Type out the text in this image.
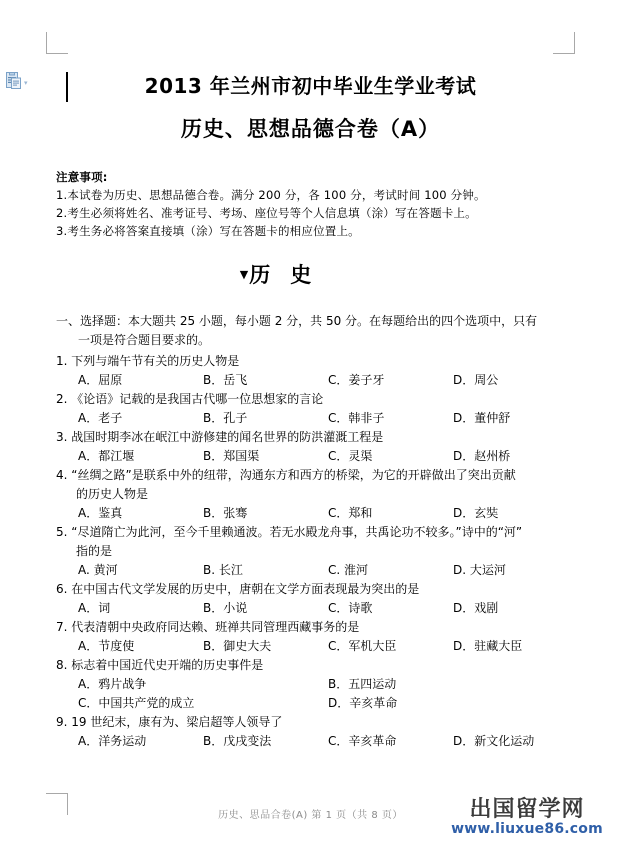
▾	2013 年兰州市初中毕业生学业考试
历史、思想品德合卷（A）
注意事项:
1.本试卷为历史、思想品德合卷。满分 200 分，各 100 分，考试时间 100 分钟。
2.考生必须将姓名、准考证号、考场、座位号等个人信息填（涂）写在答题卡上。
3.考生务必将答案直接填（涂）写在答题卡的相应位置上。
▼历 史
一、选择题：本大题共 25 小题，每小题 2 分，共 50 分。在每题给出的四个选项中，只有
一项是符合题目要求的。
1. 下列与端午节有关的历史人物是
A．屈原	B．岳飞	C．姜子牙	D．周公
2. 《论语》记载的是我国古代哪一位思想家的言论
A．老子	B．孔子	C．韩非子	D．董仲舒
3. 战国时期李冰在岷江中游修建的闻名世界的防洪灌溉工程是
A．都江堰	B．郑国渠	C．灵渠	D．赵州桥
4. “丝绸之路”是联系中外的纽带，沟通东方和西方的桥梁，为它的开辟做出了突出贡献
的历史人物是
A．鉴真	B．张骞	C．郑和	D．玄奘
5. “尽道隋亡为此河，至今千里赖通波。若无水殿龙舟事，共禹论功不较多。”诗中的“河”
指的是
A. 黄河	B. 长江	C. 淮河	D. 大运河
6. 在中国古代文学发展的历史中，唐朝在文学方面表现最为突出的是
A．词	B．小说	C．诗歌	D．戏剧
7. 代表清朝中央政府同达赖、班禅共同管理西藏事务的是
A．节度使	B．御史大夫	C．军机大臣	D．驻藏大臣
8. 标志着中国近代史开端的历史事件是
A．鸦片战争	B．五四运动
C．中国共产党的成立	D．辛亥革命
9. 19 世纪末，康有为、梁启超等人领导了
A．洋务运动	B．戊戌变法	C．辛亥革命	D．新文化运动
历史、思品合卷(A) 第 1 页（共 8 页）	出国留学网
www.liuxue86.com
